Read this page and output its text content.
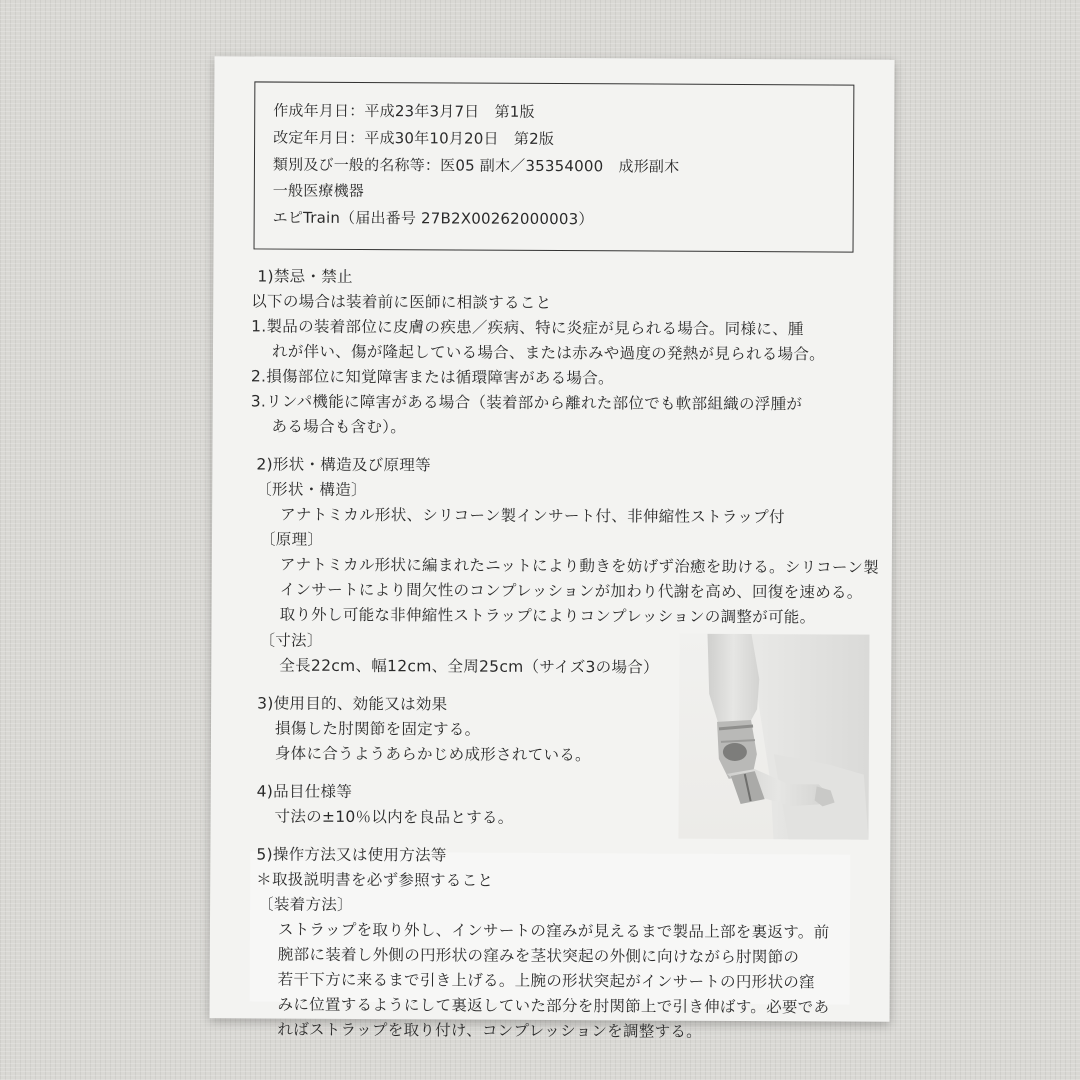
作成年月日：平成23年3月7日　第1版
改定年月日：平成30年10月20日　第2版
類別及び一般的名称等：医05 副木／35354000　成形副木
一般医療機器
エピTrain（届出番号 27B2X00262000003）
1)禁忌・禁止
以下の場合は装着前に医師に相談すること
1.製品の装着部位に皮膚の疾患／疾病、特に炎症が見られる場合。同様に、腫
れが伴い、傷が隆起している場合、または赤みや過度の発熱が見られる場合。
2.損傷部位に知覚障害または循環障害がある場合。
3.リンパ機能に障害がある場合（装着部から離れた部位でも軟部組織の浮腫が
ある場合も含む）。
2)形状・構造及び原理等
〔形状・構造〕
アナトミカル形状、シリコーン製インサート付、非伸縮性ストラップ付
〔原理〕
アナトミカル形状に編まれたニットにより動きを妨げず治癒を助ける。シリコーン製
インサートにより間欠性のコンプレッションが加わり代謝を高め、回復を速める。
取り外し可能な非伸縮性ストラップによりコンプレッションの調整が可能。
〔寸法〕
全長22cm、幅12cm、全周25cm（サイズ3の場合）
3)使用目的、効能又は効果
損傷した肘関節を固定する。
身体に合うようあらかじめ成形されている。
4)品目仕様等
寸法の±10％以内を良品とする。
5)操作方法又は使用方法等
＊取扱説明書を必ず参照すること
〔装着方法〕
ストラップを取り外し、インサートの窪みが見えるまで製品上部を裏返す。前
腕部に装着し外側の円形状の窪みを茎状突起の外側に向けながら肘関節の
若干下方に来るまで引き上げる。上腕の形状突起がインサートの円形状の窪
みに位置するようにして裏返していた部分を肘関節上で引き伸ばす。必要であ
ればストラップを取り付け、コンプレッションを調整する。
